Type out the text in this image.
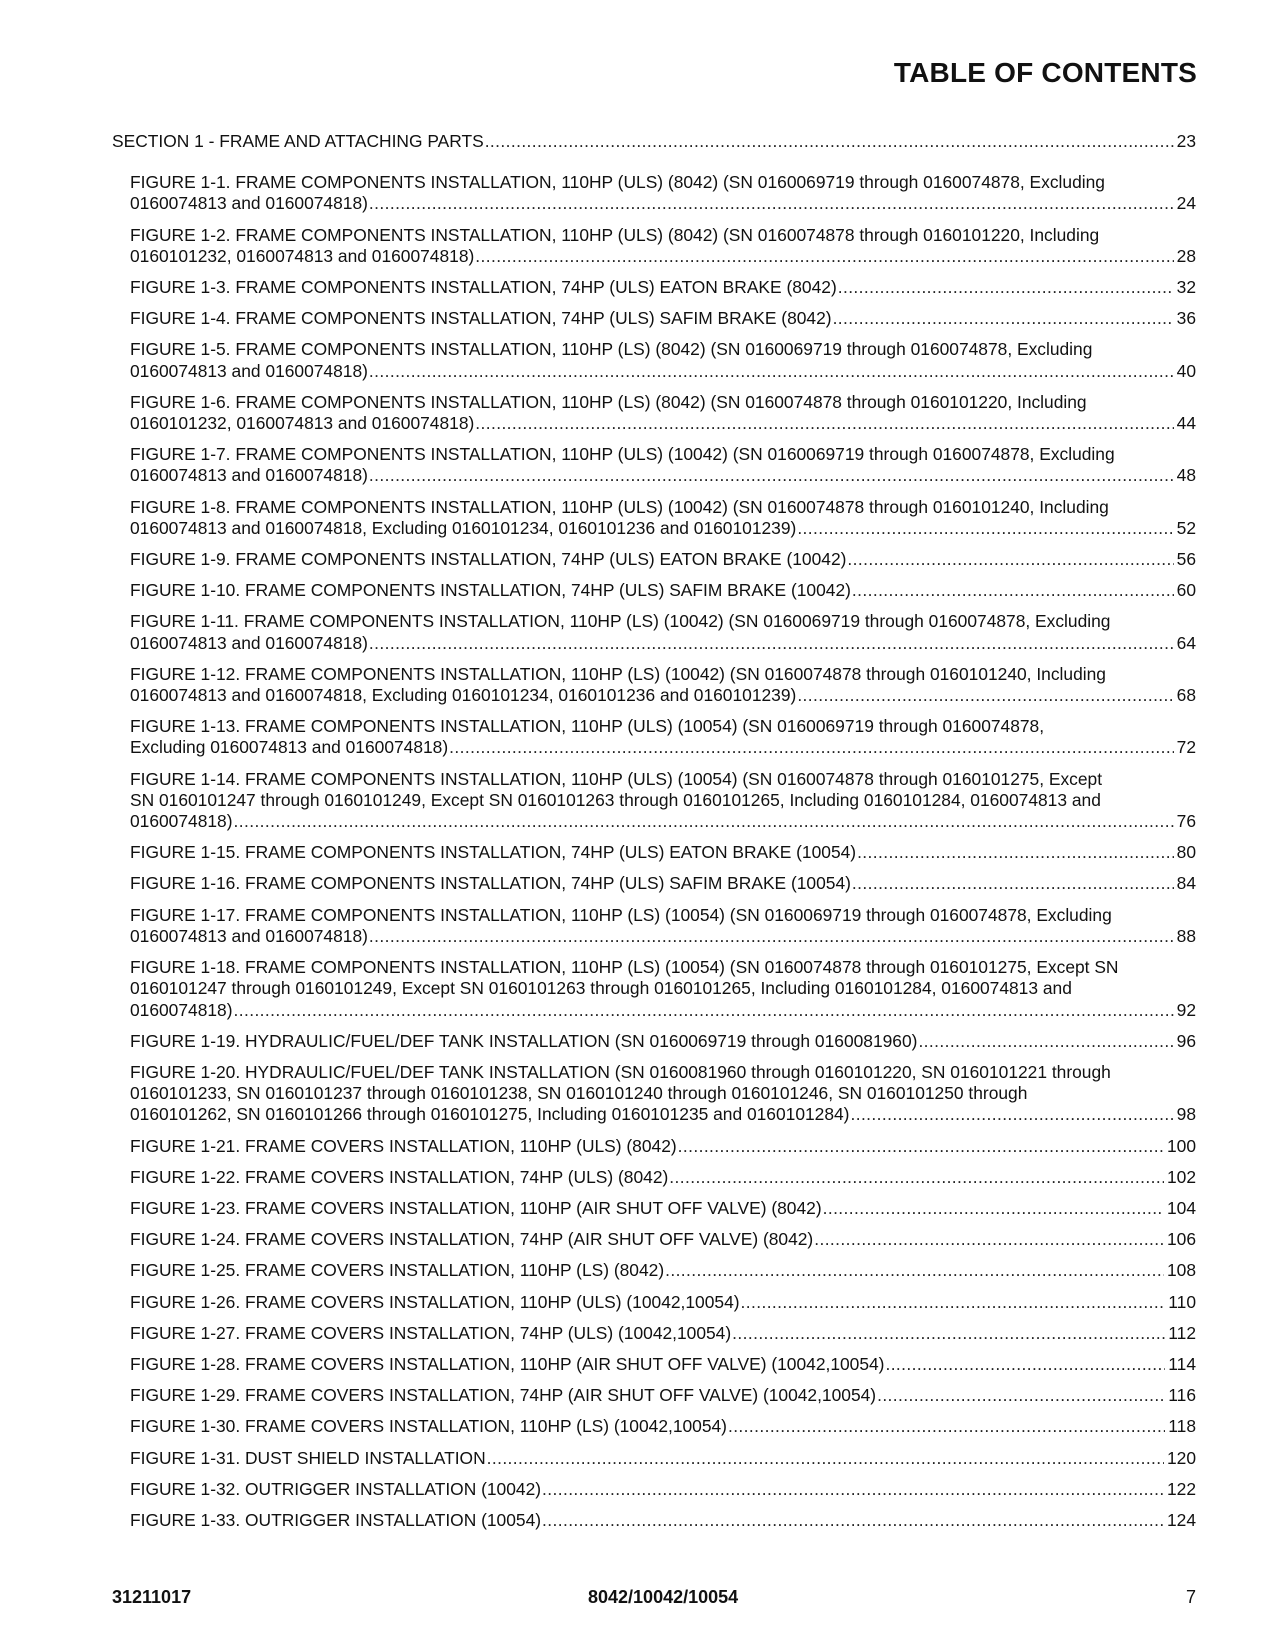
TABLE OF CONTENTS
SECTION 1 - FRAME AND ATTACHING PARTS .....	23
FIGURE 1-1. FRAME COMPONENTS INSTALLATION, 110HP (ULS) (8042) (SN 0160069719 through 0160074878, Excluding
0160074813 and 0160074818) .....	24
FIGURE 1-2. FRAME COMPONENTS INSTALLATION, 110HP (ULS) (8042) (SN 0160074878 through 0160101220, Including
0160101232, 0160074813 and 0160074818) .....	28
FIGURE 1-3. FRAME COMPONENTS INSTALLATION, 74HP (ULS) EATON BRAKE (8042) .....	32
FIGURE 1-4. FRAME COMPONENTS INSTALLATION, 74HP (ULS) SAFIM BRAKE (8042) .....	36
FIGURE 1-5. FRAME COMPONENTS INSTALLATION, 110HP (LS) (8042) (SN 0160069719 through 0160074878, Excluding
0160074813 and 0160074818) .....	40
FIGURE 1-6. FRAME COMPONENTS INSTALLATION, 110HP (LS) (8042) (SN 0160074878 through 0160101220, Including
0160101232, 0160074813 and 0160074818) .....	44
FIGURE 1-7. FRAME COMPONENTS INSTALLATION, 110HP (ULS) (10042) (SN 0160069719 through 0160074878, Excluding
0160074813 and 0160074818) .....	48
FIGURE 1-8. FRAME COMPONENTS INSTALLATION, 110HP (ULS) (10042) (SN 0160074878 through 0160101240, Including
0160074813 and 0160074818, Excluding 0160101234, 0160101236 and 0160101239) .....	52
FIGURE 1-9. FRAME COMPONENTS INSTALLATION, 74HP (ULS) EATON BRAKE (10042) .....	56
FIGURE 1-10. FRAME COMPONENTS INSTALLATION, 74HP (ULS) SAFIM BRAKE (10042) .....	60
FIGURE 1-11. FRAME COMPONENTS INSTALLATION, 110HP (LS) (10042) (SN 0160069719 through 0160074878, Excluding
0160074813 and 0160074818) .....	64
FIGURE 1-12. FRAME COMPONENTS INSTALLATION, 110HP (LS) (10042) (SN 0160074878 through 0160101240, Including
0160074813 and 0160074818, Excluding 0160101234, 0160101236 and 0160101239) .....	68
FIGURE 1-13. FRAME COMPONENTS INSTALLATION, 110HP (ULS) (10054) (SN 0160069719 through 0160074878,
Excluding 0160074813 and 0160074818) .....	72
FIGURE 1-14. FRAME COMPONENTS INSTALLATION, 110HP (ULS) (10054) (SN 0160074878 through 0160101275, Except
SN 0160101247 through 0160101249, Except SN 0160101263 through 0160101265, Including 0160101284, 0160074813 and
0160074818) .....	76
FIGURE 1-15. FRAME COMPONENTS INSTALLATION, 74HP (ULS) EATON BRAKE (10054) .....	80
FIGURE 1-16. FRAME COMPONENTS INSTALLATION, 74HP (ULS) SAFIM BRAKE (10054) .....	84
FIGURE 1-17. FRAME COMPONENTS INSTALLATION, 110HP (LS) (10054) (SN 0160069719 through 0160074878, Excluding
0160074813 and 0160074818) .....	88
FIGURE 1-18. FRAME COMPONENTS INSTALLATION, 110HP (LS) (10054) (SN 0160074878 through 0160101275, Except SN
0160101247 through 0160101249, Except SN 0160101263 through 0160101265, Including 0160101284, 0160074813 and
0160074818) .....	92
FIGURE 1-19. HYDRAULIC/FUEL/DEF TANK INSTALLATION (SN 0160069719 through 0160081960) .....	96
FIGURE 1-20. HYDRAULIC/FUEL/DEF TANK INSTALLATION (SN 0160081960 through 0160101220, SN 0160101221 through
0160101233, SN 0160101237 through 0160101238, SN 0160101240 through 0160101246, SN 0160101250 through
0160101262, SN 0160101266 through 0160101275, Including 0160101235 and 0160101284) .....	98
FIGURE 1-21. FRAME COVERS INSTALLATION, 110HP (ULS) (8042) .....	100
FIGURE 1-22. FRAME COVERS INSTALLATION, 74HP (ULS) (8042) .....	102
FIGURE 1-23. FRAME COVERS INSTALLATION, 110HP (AIR SHUT OFF VALVE) (8042) .....	104
FIGURE 1-24. FRAME COVERS INSTALLATION, 74HP (AIR SHUT OFF VALVE) (8042) .....	106
FIGURE 1-25. FRAME COVERS INSTALLATION, 110HP (LS) (8042) .....	108
FIGURE 1-26. FRAME COVERS INSTALLATION, 110HP (ULS) (10042,10054) .....	110
FIGURE 1-27. FRAME COVERS INSTALLATION, 74HP (ULS) (10042,10054) .....	112
FIGURE 1-28. FRAME COVERS INSTALLATION, 110HP (AIR SHUT OFF VALVE) (10042,10054) .....	114
FIGURE 1-29. FRAME COVERS INSTALLATION, 74HP (AIR SHUT OFF VALVE) (10042,10054) .....	116
FIGURE 1-30. FRAME COVERS INSTALLATION, 110HP (LS) (10042,10054) .....	118
FIGURE 1-31. DUST SHIELD INSTALLATION .....	120
FIGURE 1-32. OUTRIGGER INSTALLATION (10042) .....	122
FIGURE 1-33. OUTRIGGER INSTALLATION (10054) .....	124
31211017	8042/10042/10054	7
